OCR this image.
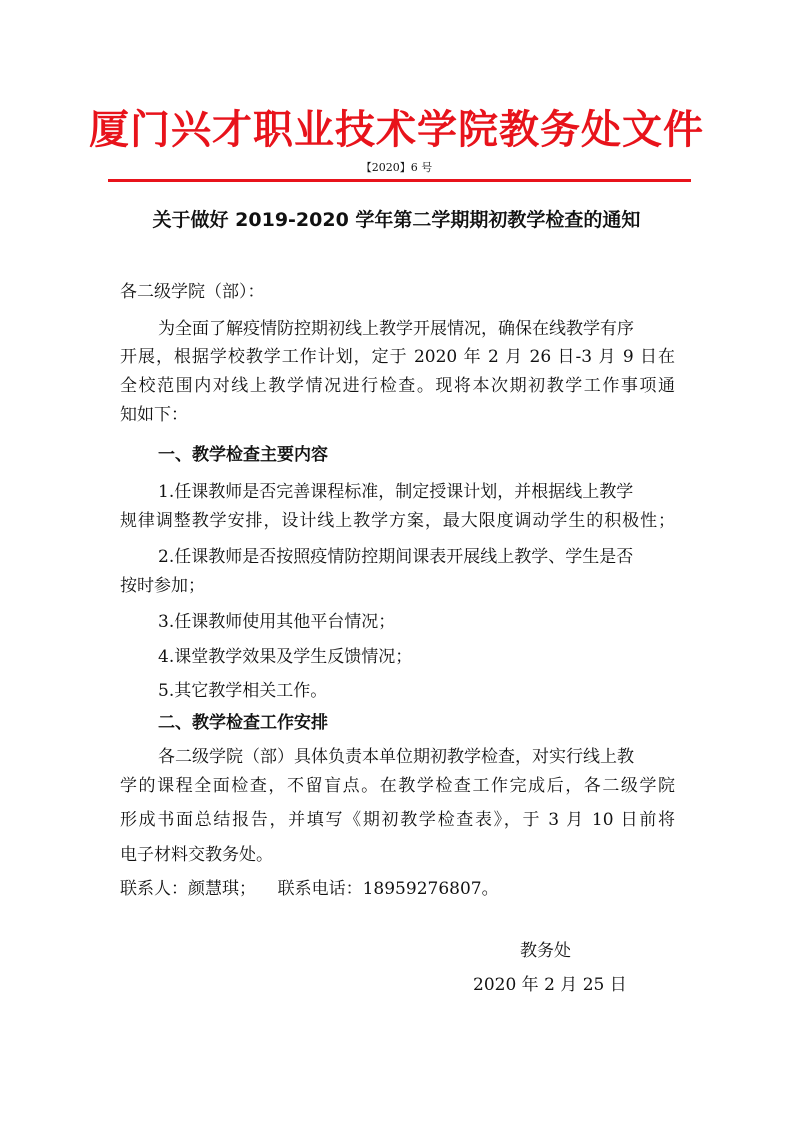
厦门兴才职业技术学院教务处文件
【2020】6 号
关于做好 2019-2020 学年第二学期期初教学检查的通知
各二级学院（部）：
为全面了解疫情防控期初线上教学开展情况，确保在线教学有序
开展，根据学校教学工作计划，定于 2020 年 2 月 26 日-3 月 9 日在
全校范围内对线上教学情况进行检查。现将本次期初教学工作事项通
知如下：
一、教学检查主要内容
1.任课教师是否完善课程标准，制定授课计划，并根据线上教学
规律调整教学安排，设计线上教学方案，最大限度调动学生的积极性；
2.任课教师是否按照疫情防控期间课表开展线上教学、学生是否
按时参加；
3.任课教师使用其他平台情况；
4.课堂教学效果及学生反馈情况；
5.其它教学相关工作。
二、教学检查工作安排
各二级学院（部）具体负责本单位期初教学检查，对实行线上教
学的课程全面检查，不留盲点。在教学检查工作完成后，各二级学院
形成书面总结报告，并填写《期初教学检查表》，于 3 月 10 日前将
电子材料交教务处。
联系人：颜慧琪；    联系电话：18959276807。
教务处
2020 年 2 月 25 日
